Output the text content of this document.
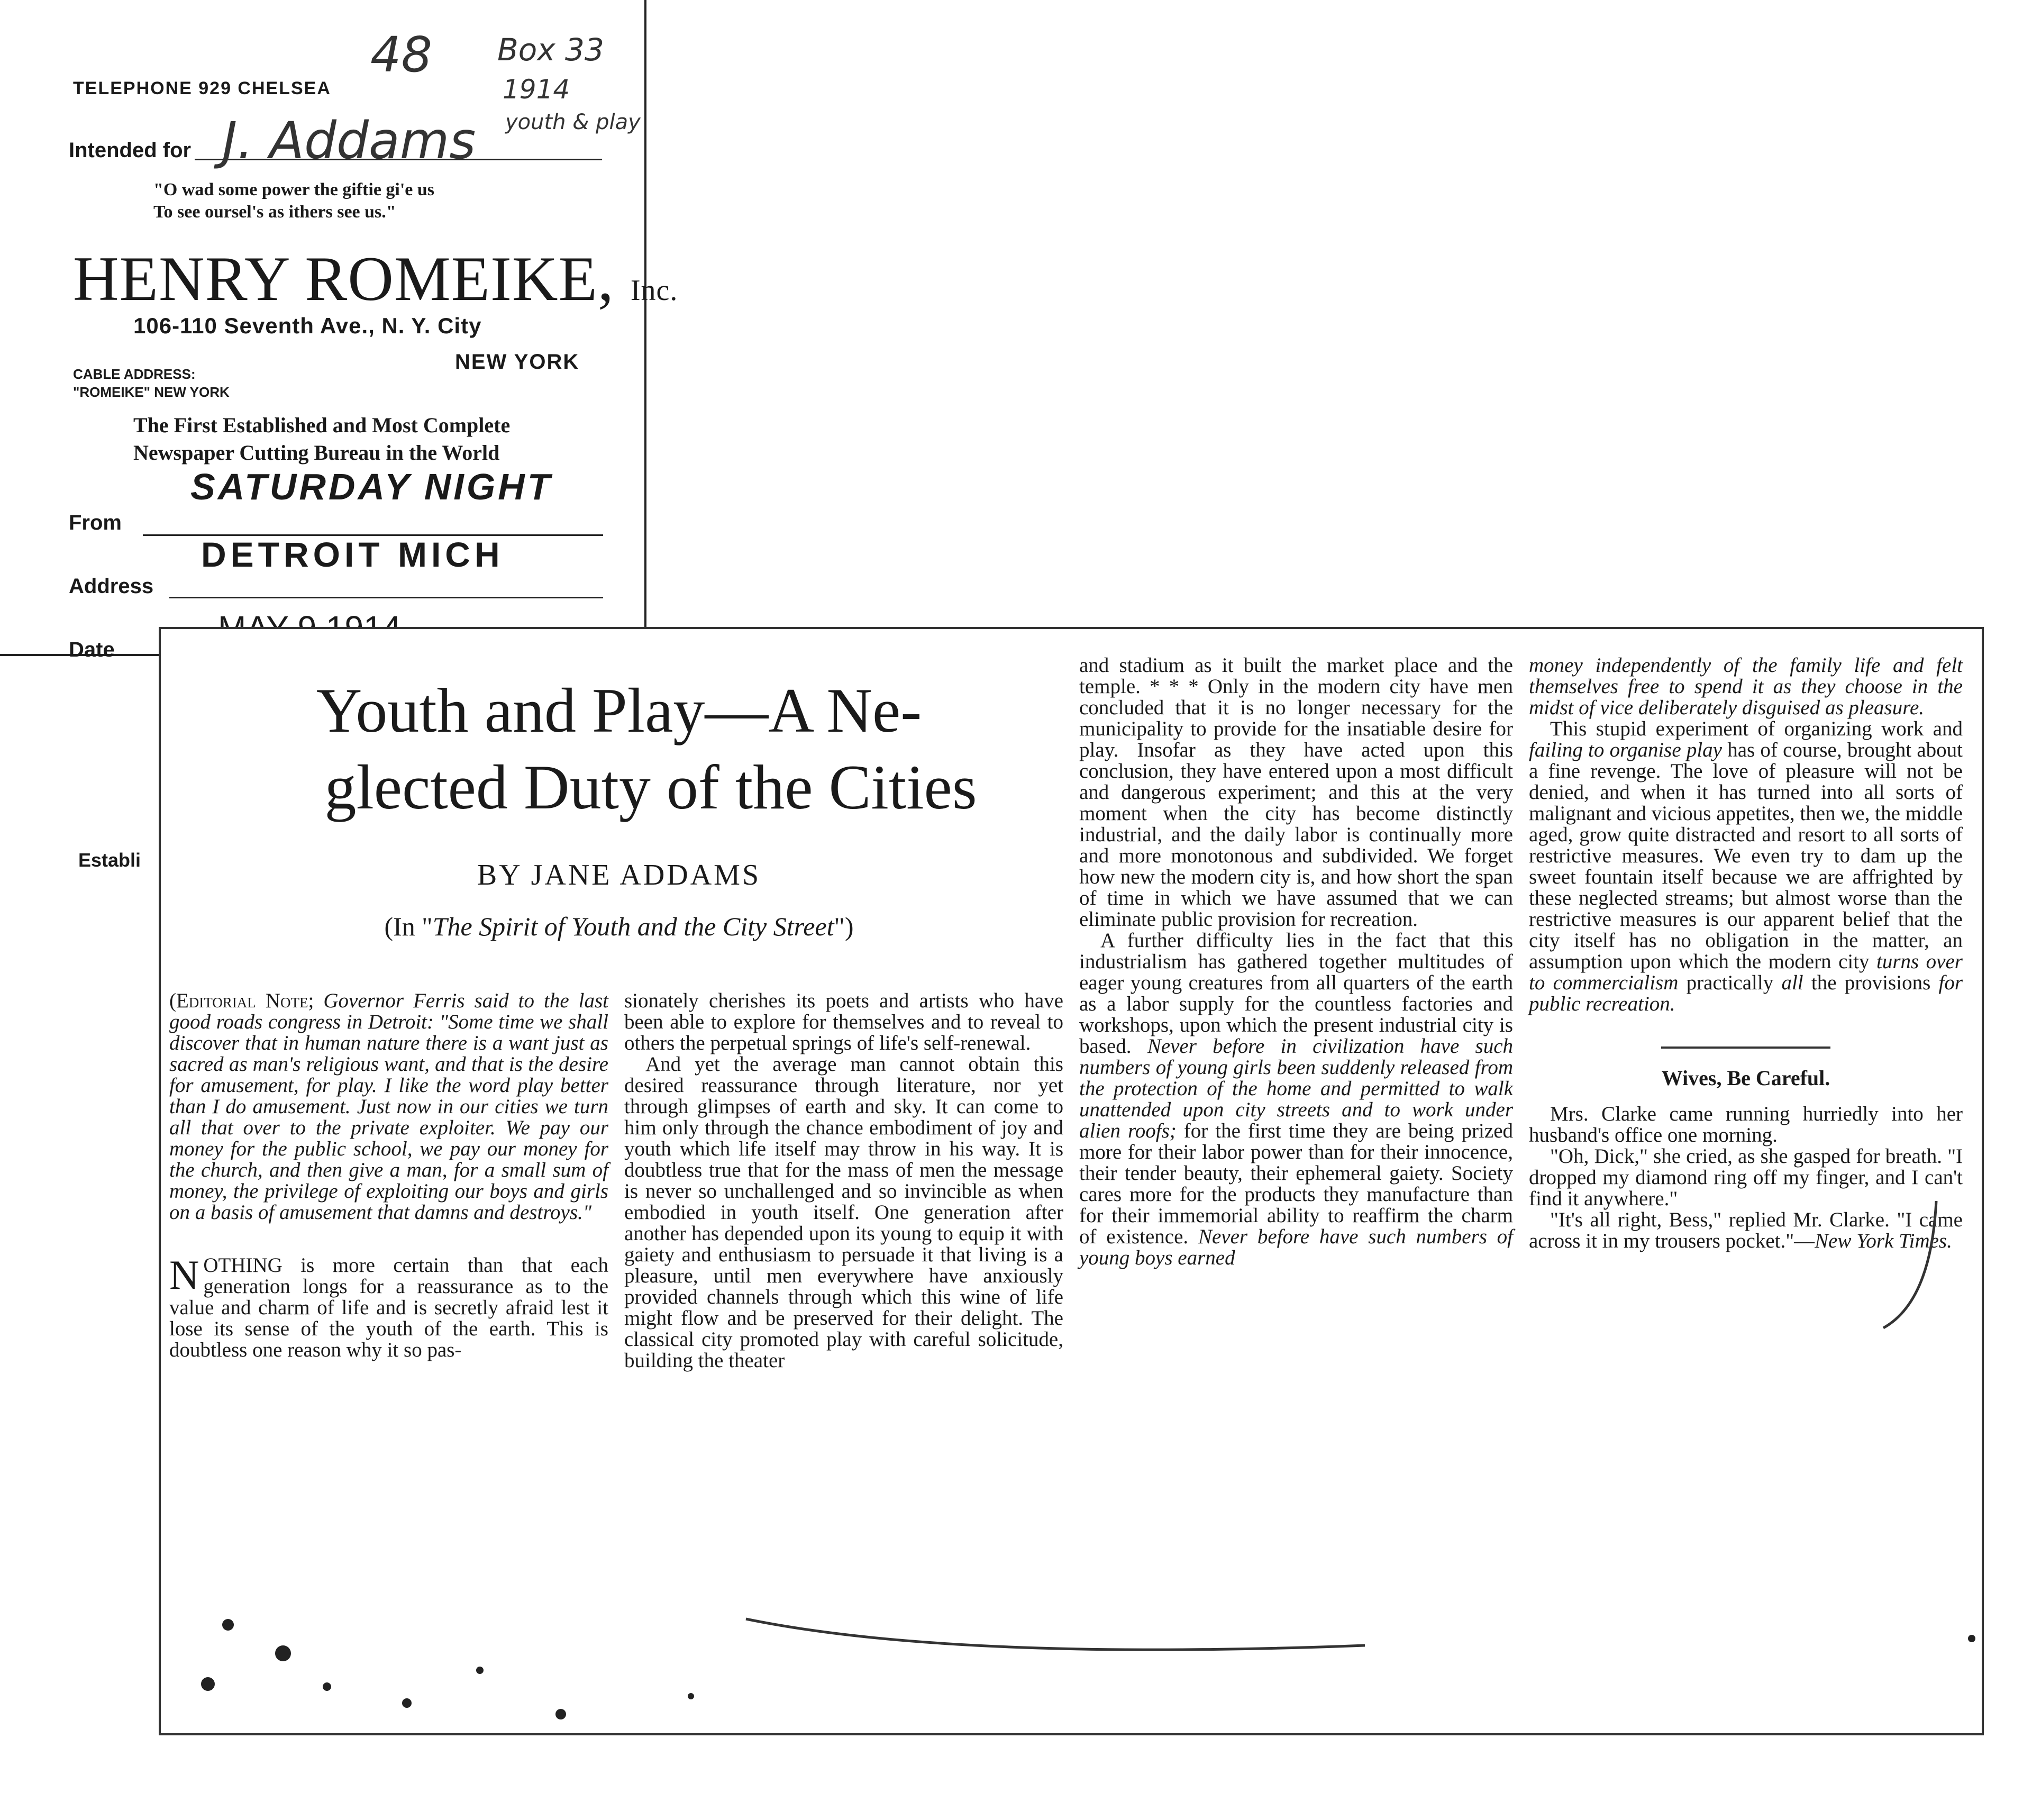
48 Box 33
1914
youth & play
TELEPHONE 929 CHELSEA
Intended for J. Addams
"O wad some power the giftie gi'e us
To see oursel's as ithers see us."
HENRY ROMEIKE, Inc.
106-110 Seventh Ave., N. Y. City
CABLE ADDRESS:
"ROMEIKE" NEW YORK
NEW YORK
The First Established and Most Complete
Newspaper Cutting Bureau in the World
SATURDAY NIGHT
From
DETROIT MICH
Address
Date
Establi
Youth and Play—A Ne-
glected Duty of the Cities
BY JANE ADDAMS
(In "The Spirit of Youth and the City Street")

(Editorial Note; Governor Ferris said to the last good roads congress in Detroit: "Some time we shall discover that in human nature there is a want just as sacred as man's religious want, and that is the desire for amusement, for play. I like the word play better than I do amusement. Just now in our cities we turn all that over to the private exploiter. We pay our money for the public school, we pay our money for the church, and then give a man, for a small sum of money, the privilege of exploiting our boys and girls on a basis of amusement that damns and destroys."

NOTHING is more certain than that each generation longs for a reassurance as to the value and charm of life and is secretly afraid lest it lose its sense of the youth of the earth. This is doubtless one reason why it so pas-

sionately cherishes its poets and artists who have been able to explore for themselves and to reveal to others the perpetual springs of life's self-renewal.

And yet the average man cannot obtain this desired reassurance through literature, nor yet through glimpses of earth and sky. It can come to him only through the chance embodiment of joy and youth which life itself may throw in his way. It is doubtless true that for the mass of men the message is never so unchallenged and so invincible as when embodied in youth itself. One generation after another has depended upon its young to equip it with gaiety and enthusiasm to persuade it that living is a pleasure, until men everywhere have anxiously provided channels through which this wine of life might flow and be preserved for their delight. The classical city promoted play with careful solicitude, building the theater

and stadium as it built the market place and the temple. * * * Only in the modern city have men concluded that it is no longer necessary for the municipality to provide for the insatiable desire for play. Insofar as they have acted upon this conclusion, they have entered upon a most difficult and dangerous experiment; and this at the very moment when the city has become distinctly industrial, and the daily labor is continually more and more monotonous and subdivided. We forget how new the modern city is, and how short the span of time in which we have assumed that we can eliminate public provision for recreation.

A further difficulty lies in the fact that this industrialism has gathered together multitudes of eager young creatures from all quarters of the earth as a labor supply for the countless factories and workshops, upon which the present industrial city is based. Never before in civilization have such numbers of young girls been suddenly released from the protection of the home and permitted to walk unattended upon city streets and to work under alien roofs; for the first time they are being prized more for their labor power than for their innocence, their tender beauty, their ephemeral gaiety. Society cares more for the products they manufacture than for their immemorial ability to reaffirm the charm of existence. Never before have such numbers of young boys earned

money independently of the family life and felt themselves free to spend it as they choose in the midst of vice deliberately disguised as pleasure.

This stupid experiment of organizing work and failing to organise play has of course, brought about a fine revenge. The love of pleasure will not be denied, and when it has turned into all sorts of malignant and vicious appetites, then we, the middle aged, grow quite distracted and resort to all sorts of restrictive measures. We even try to dam up the sweet fountain itself because we are affrighted by these neglected streams; but almost worse than the restrictive measures is our apparent belief that the city itself has no obligation in the matter, an assumption upon which the modern city turns over to commercialism practically all the provisions for public recreation.

Wives, Be Careful.

Mrs. Clarke came running hurriedly into her husband's office one morning.

"Oh, Dick," she cried, as she gasped for breath. "I dropped my diamond ring off my finger, and I can't find it anywhere."

"It's all right, Bess," replied Mr. Clarke. "I came across it in my trousers pocket."—New York Times.
